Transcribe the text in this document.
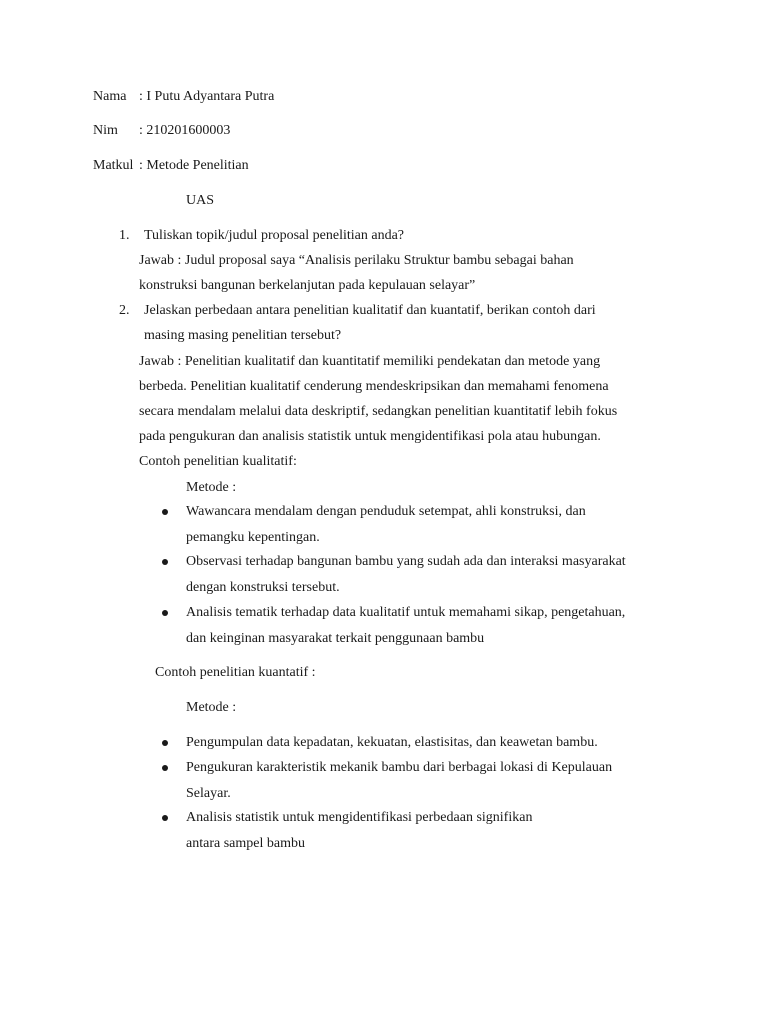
Nama : I Putu Adyantara Putra
Nim : 210201600003
Matkul : Metode Penelitian
UAS
1. Tuliskan topik/judul proposal penelitian anda?
Jawab : Judul proposal saya “Analisis perilaku Struktur bambu sebagai bahan
konstruksi bangunan berkelanjutan pada kepulauan selayar”
2. Jelaskan perbedaan antara penelitian kualitatif dan kuantatif, berikan contoh dari
masing masing penelitian tersebut?
Jawab : Penelitian kualitatif dan kuantitatif memiliki pendekatan dan metode yang
berbeda. Penelitian kualitatif cenderung mendeskripsikan dan memahami fenomena
secara mendalam melalui data deskriptif, sedangkan penelitian kuantitatif lebih fokus
pada pengukuran dan analisis statistik untuk mengidentifikasi pola atau hubungan.
Contoh penelitian kualitatif:
Metode :
Wawancara mendalam dengan penduduk setempat, ahli konstruksi, dan
pemangku kepentingan.
Observasi terhadap bangunan bambu yang sudah ada dan interaksi masyarakat
dengan konstruksi tersebut.
Analisis tematik terhadap data kualitatif untuk memahami sikap, pengetahuan,
dan keinginan masyarakat terkait penggunaan bambu
Contoh penelitian kuantatif :
Metode :
Pengumpulan data kepadatan, kekuatan, elastisitas, dan keawetan bambu.
Pengukuran karakteristik mekanik bambu dari berbagai lokasi di Kepulauan
Selayar.
Analisis statistik untuk mengidentifikasi perbedaan signifikan
antara sampel bambu
